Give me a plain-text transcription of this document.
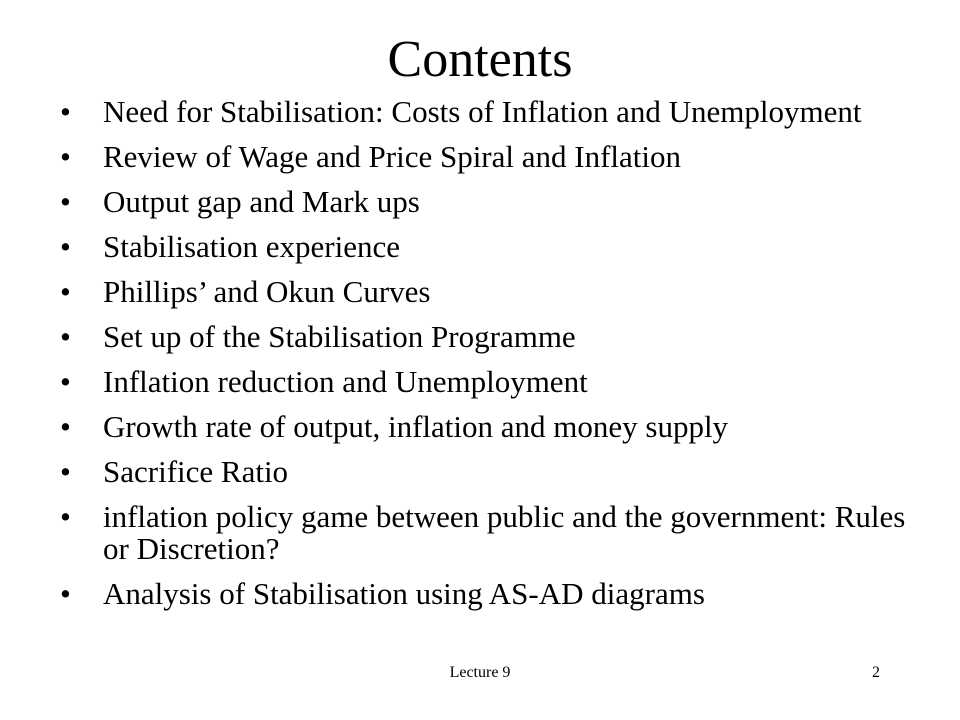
Contents
•	Need for Stabilisation: Costs of Inflation and Unemployment
•	Review of Wage and Price Spiral and Inflation
•	Output gap and Mark ups
•	Stabilisation experience
•	Phillips’ and Okun Curves
•	Set up of the Stabilisation Programme
•	Inflation reduction and Unemployment
•	Growth rate of output, inflation and money supply
•	Sacrifice Ratio
•	inflation policy game between public and the government: Rules or Discretion?
•	Analysis of Stabilisation using AS-AD diagrams
Lecture 9	2
